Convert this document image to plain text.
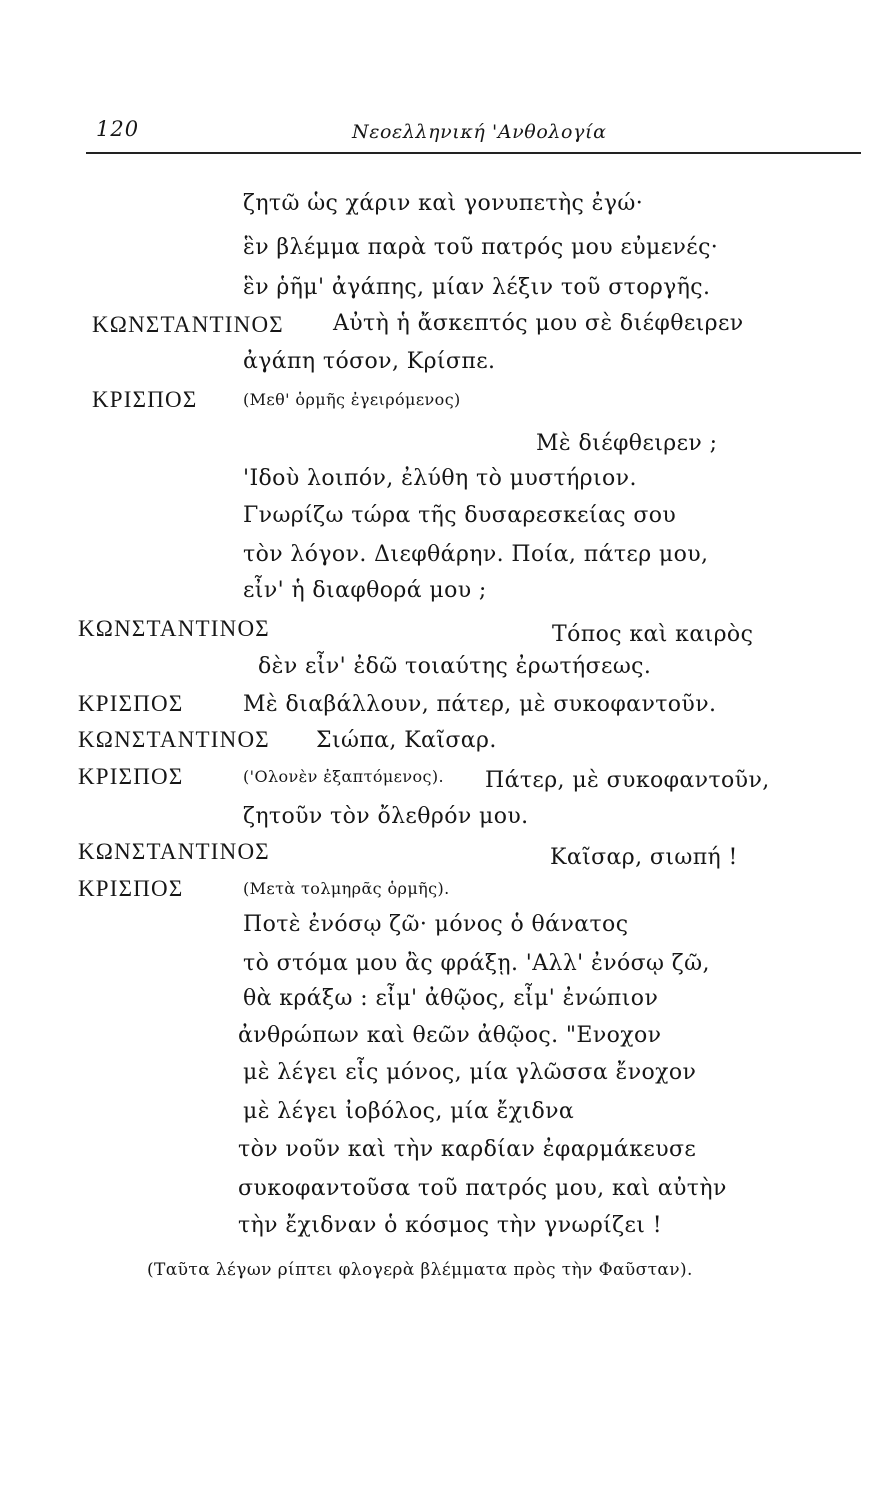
120	Νεοελληνική 'Ανθολογία
ζητῶ ὡς χάριν καὶ γονυπετὴς ἐγώ·
ἓν βλέμμα παρὰ τοῦ πατρός μου εὐμενές·
ἓν ῥῆμ' ἀγάπης, μίαν λέξιν τοῦ στοργῆς.
ΚΩΝΣΤΑΝΤΙΝΟΣ Αὐτὴ ἡ ἄσκεπτός μου σὲ διέφθειρεν
ἀγάπη τόσον, Κρίσπε.
ΚΡΙΣΠΟΣ	(Μεθ' ὁρμῆς ἐγειρόμενος)
Μὲ διέφθειρεν ;
'Ιδοὺ λοιπόν, ἐλύθη τὸ μυστήριον.
Γνωρίζω τώρα τῆς δυσαρεσκείας σου
τὸν λόγον. Διεφθάρην. Ποία, πάτερ μου,
εἶν' ἡ διαφθορά μου ;
ΚΩΝΣΤΑΝΤΙΝΟΣ	Τόπος καὶ καιρὸς
δὲν εἶν' ἐδῶ τοιαύτης ἐρωτήσεως.
ΚΡΙΣΠΟΣ	Μὲ διαβάλλουν, πάτερ, μὲ συκοφαντοῦν.
ΚΩΝΣΤΑΝΤΙΝΟΣ Σιώπα, Καῖσαρ.
ΚΡΙΣΠΟΣ	('Ολονὲν ἐξαπτόμενος). Πάτερ, μὲ συκοφαντοῦν,
ζητοῦν τὸν ὄλεθρόν μου.
ΚΩΝΣΤΑΝΤΙΝΟΣ	Καῖσαρ, σιωπή !
ΚΡΙΣΠΟΣ	(Μετὰ τολμηρᾶς ὁρμῆς).
Ποτὲ ἐνόσῳ ζῶ· μόνος ὁ θάνατος
τὸ στόμα μου ἂς φράξῃ. 'Αλλ' ἐνόσῳ ζῶ,
θὰ κράξω : εἶμ' ἀθῷος, εἶμ' ἐνώπιον
ἀνθρώπων καὶ θεῶν ἀθῷος. "Ενοχον
μὲ λέγει εἷς μόνος, μία γλῶσσα ἔνοχον
μὲ λέγει ἰοβόλος, μία ἔχιδνα
τὸν νοῦν καὶ τὴν καρδίαν ἐφαρμάκευσε
συκοφαντοῦσα τοῦ πατρός μου, καὶ αὐτὴν
τὴν ἔχιδναν ὁ κόσμος τὴν γνωρίζει !
(Ταῦτα λέγων ρίπτει φλογερὰ βλέμματα πρὸς τὴν Φαῦσταν).
